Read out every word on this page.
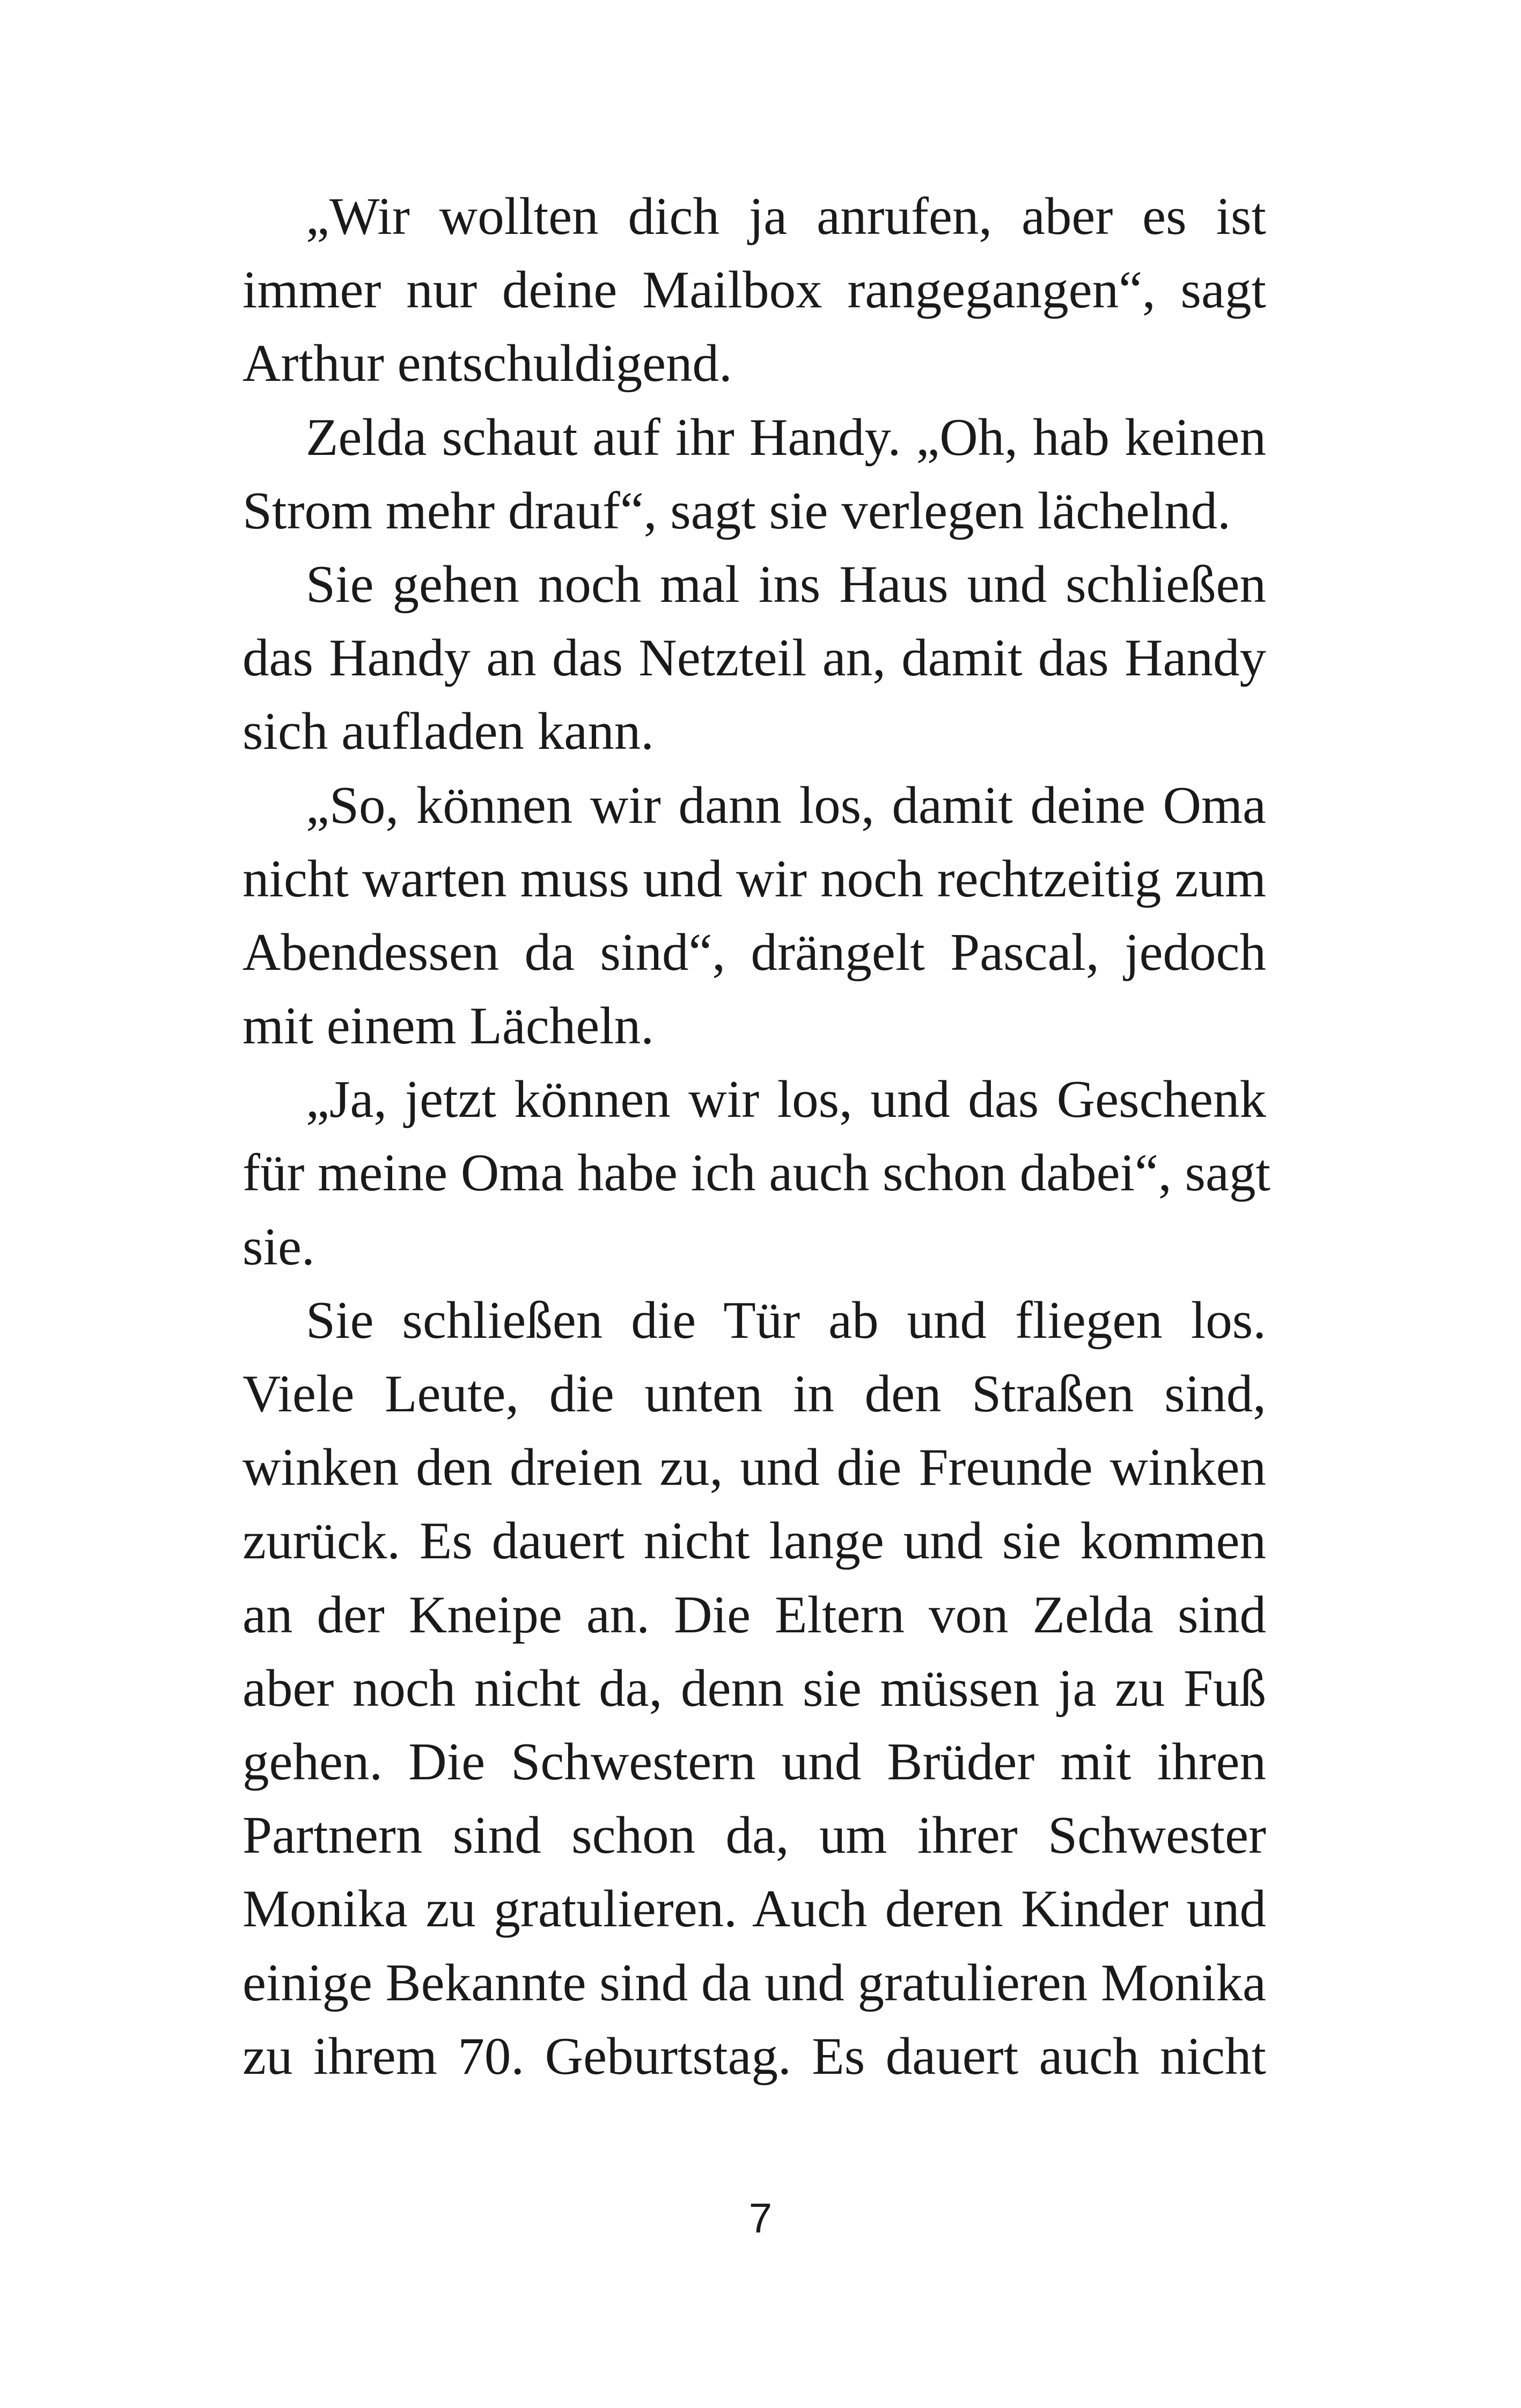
„Wir wollten dich ja anrufen, aber es ist
immer nur deine Mailbox rangegangen“, sagt
Arthur entschuldigend.
Zelda schaut auf ihr Handy. „Oh, hab keinen
Strom mehr drauf“, sagt sie verlegen lächelnd.
Sie gehen noch mal ins Haus und schließen
das Handy an das Netzteil an, damit das Handy
sich aufladen kann.
„So, können wir dann los, damit deine Oma
nicht warten muss und wir noch rechtzeitig zum
Abendessen da sind“, drängelt Pascal, jedoch
mit einem Lächeln.
„Ja, jetzt können wir los, und das Geschenk
für meine Oma habe ich auch schon dabei“, sagt
sie.
Sie schließen die Tür ab und fliegen los.
Viele Leute, die unten in den Straßen sind,
winken den dreien zu, und die Freunde winken
zurück. Es dauert nicht lange und sie kommen
an der Kneipe an. Die Eltern von Zelda sind
aber noch nicht da, denn sie müssen ja zu Fuß
gehen. Die Schwestern und Brüder mit ihren
Partnern sind schon da, um ihrer Schwester
Monika zu gratulieren. Auch deren Kinder und
einige Bekannte sind da und gratulieren Monika
zu ihrem 70. Geburtstag. Es dauert auch nicht
7
